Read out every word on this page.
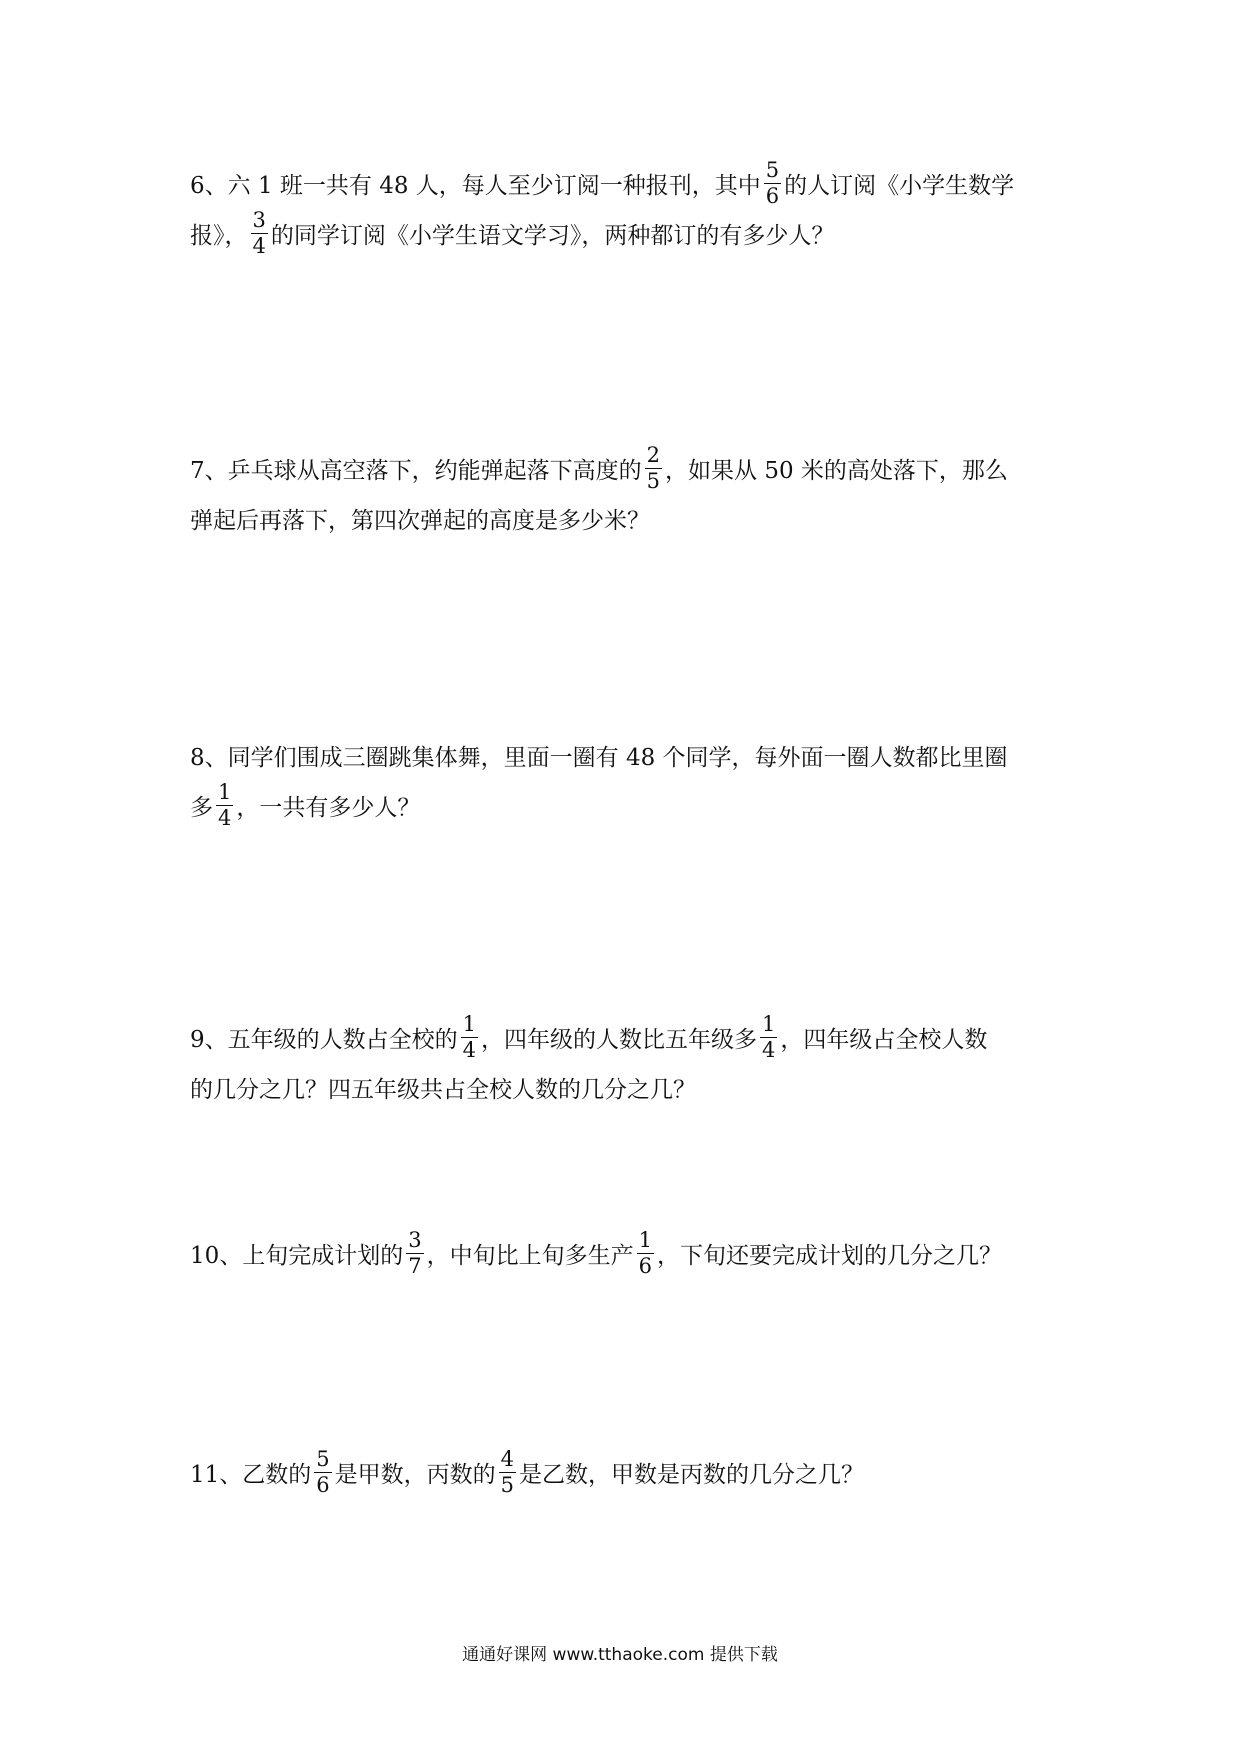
6、六 1 班一共有 48 人，每人至少订阅一种报刊，其中 $\frac{5}{6}$ 的人订阅《小学生数学
报》， $\frac{3}{4}$ 的同学订阅《小学生语文学习》，两种都订的有多少人？
7、乒乓球从高空落下，约能弹起落下高度的 $\frac{2}{5}$ ，如果从 50 米的高处落下，那么
弹起后再落下，第四次弹起的高度是多少米？
8、同学们围成三圈跳集体舞，里面一圈有 48 个同学，每外面一圈人数都比里圈
多 $\frac{1}{4}$ ，一共有多少人？
9、五年级的人数占全校的 $\frac{1}{4}$ ，四年级的人数比五年级多 $\frac{1}{4}$ ，四年级占全校人数
的几分之几？四五年级共占全校人数的几分之几？
10、上旬完成计划的 $\frac{3}{7}$ ，中旬比上旬多生产 $\frac{1}{6}$ ，下旬还要完成计划的几分之几？
11、乙数的 $\frac{5}{6}$ 是甲数，丙数的 $\frac{4}{5}$ 是乙数，甲数是丙数的几分之几？
通通好课网 www.tthaoke.com 提供下载
